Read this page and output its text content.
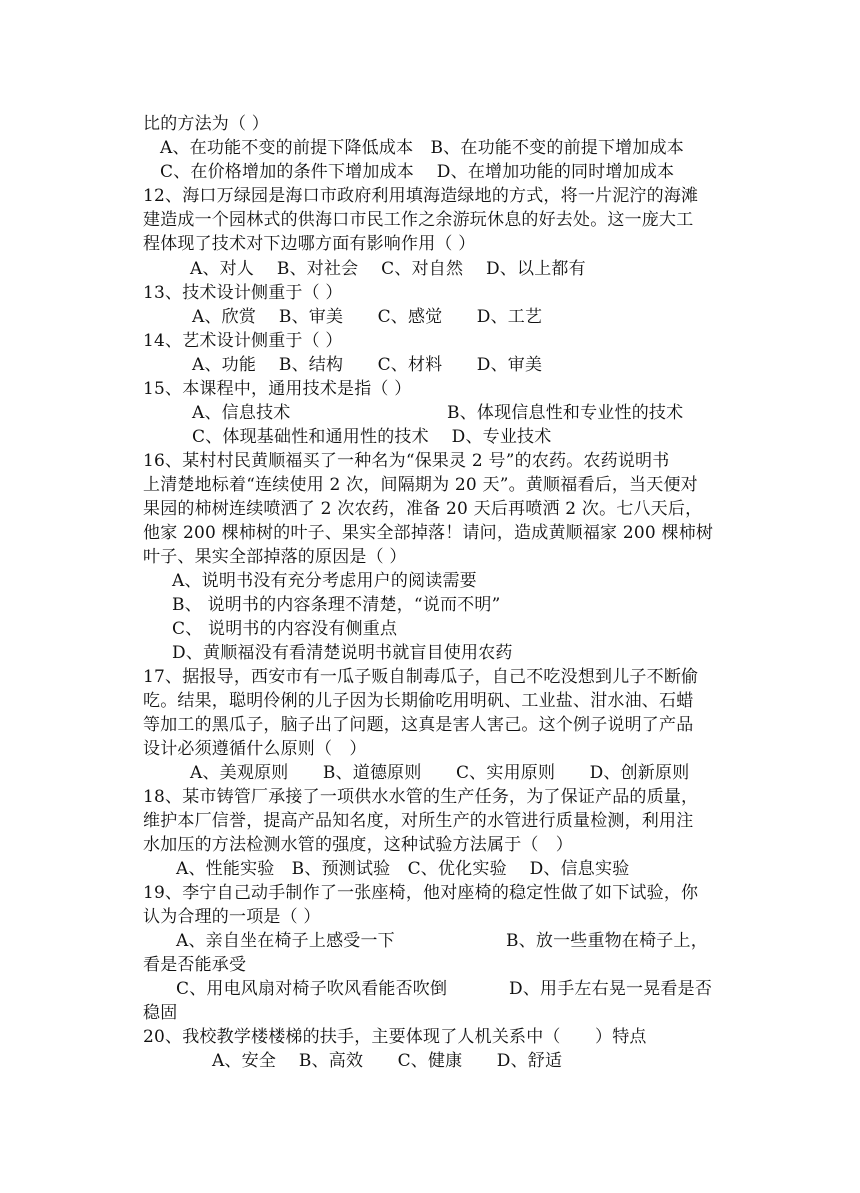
比的方法为（ ）
A、在功能不变的前提下降低成本　B、在功能不变的前提下增加成本
C、在价格增加的条件下增加成本　 D、在增加功能的同时增加成本
12、海口万绿园是海口市政府利用填海造绿地的方式，将一片泥泞的海滩
建造成一个园林式的供海口市民工作之余游玩休息的好去处。这一庞大工
程体现了技术对下边哪方面有影响作用（ ）
A、对人　 B、对社会　 C、对自然　 D、以上都有
13、技术设计侧重于（ ）
A、欣赏　 B、审美　　C、感觉　　D、工艺
14、艺术设计侧重于（ ）
A、功能　 B、结构　　C、材料　　D、审美
15、本课程中，通用技术是指（ ）
A、信息技术	B、体现信息性和专业性的技术
C、体现基础性和通用性的技术　 D、专业技术
16、某村村民黄顺福买了一种名为“保果灵 2 号”的农药。农药说明书
上清楚地标着“连续使用 2 次，间隔期为 20 天”。黄顺福看后，当天便对
果园的柿树连续喷洒了 2 次农药，准备 20 天后再喷洒 2 次。七八天后，
他家 200 棵柿树的叶子、果实全部掉落！请问，造成黄顺福家 200 棵柿树
叶子、果实全部掉落的原因是（ ）
A、说明书没有充分考虑用户的阅读需要
B、 说明书的内容条理不清楚，“说而不明”
C、 说明书的内容没有侧重点
D、黄顺福没有看清楚说明书就盲目使用农药
17、据报导，西安市有一瓜子贩自制毒瓜子，自己不吃没想到儿子不断偷
吃。结果，聪明伶俐的儿子因为长期偷吃用明矾、工业盐、泔水油、石蜡
等加工的黑瓜子，脑子出了问题，这真是害人害己。这个例子说明了产品
设计必须遵循什么原则（　）
A、美观原则　　B、道德原则　　C、实用原则　　D、创新原则
18、某市铸管厂承接了一项供水水管的生产任务，为了保证产品的质量，
维护本厂信誉，提高产品知名度，对所生产的水管进行质量检测，利用注
水加压的方法检测水管的强度，这种试验方法属于（　）
A、性能实验　B、预测试验　C、优化实验　 D、信息实验
19、李宁自己动手制作了一张座椅，他对座椅的稳定性做了如下试验，你
认为合理的一项是（ ）
A、亲自坐在椅子上感受一下	B、放一些重物在椅子上，
看是否能承受
C、用电风扇对椅子吹风看能否吹倒	D、用手左右晃一晃看是否
稳固
20、我校教学楼楼梯的扶手，主要体现了人机关系中（　　）特点
A、安全　 B、高效　　C、健康　　D、舒适
